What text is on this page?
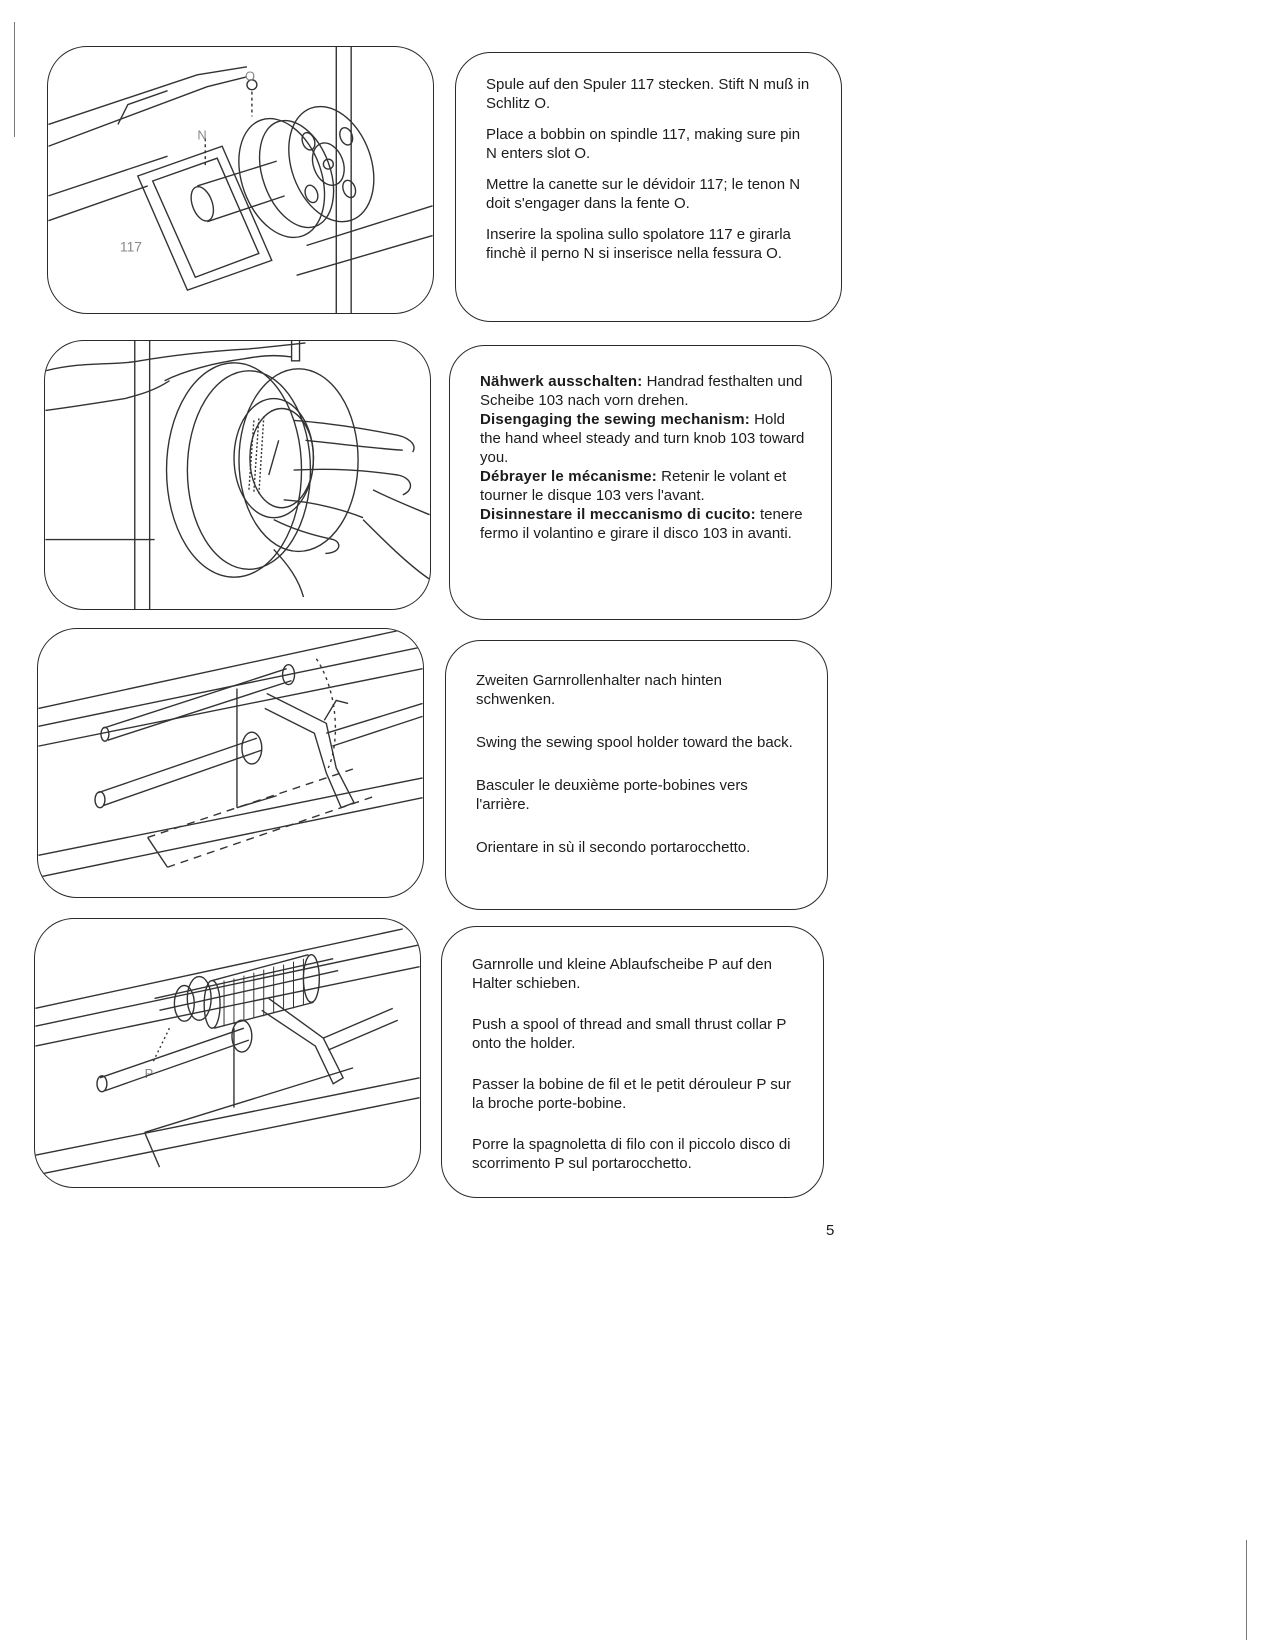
117
N
O	Spule auf den Spuler 117 stecken. Stift N muß in Schlitz O.

Place a bobbin on spindle 117, making sure pin N enters slot O.

Mettre la canette sur le dévidoir 117; le tenon N doit s'engager dans la fente O.

Inserire la spolina sullo spolatore 117 e girarla finchè il perno N si inserisce nella fessura O.

Nähwerk ausschalten: Handrad festhalten und Scheibe 103 nach vorn drehen.

Disengaging the sewing mechanism: Hold the hand wheel steady and turn knob 103 toward you.

Débrayer le mécanisme: Retenir le volant et tourner le disque 103 vers l'avant.

Disinnestare il meccanismo di cucito: tenere fermo il volantino e girare il disco 103 in avanti.

Zweiten Garnrollenhalter nach hinten schwenken.

Swing the sewing spool holder toward the back.

Basculer le deuxième porte-bobines vers l'arrière.

Orientare in sù il secondo portarocchetto.

P

Garnrolle und kleine Ablaufscheibe P auf den Halter schieben.

Push a spool of thread and small thrust collar P onto the holder.

Passer la bobine de fil et le petit dérouleur P sur la broche porte-bobine.

Porre la spagnoletta di filo con il piccolo disco di scorrimento P sul portarocchetto.

5
